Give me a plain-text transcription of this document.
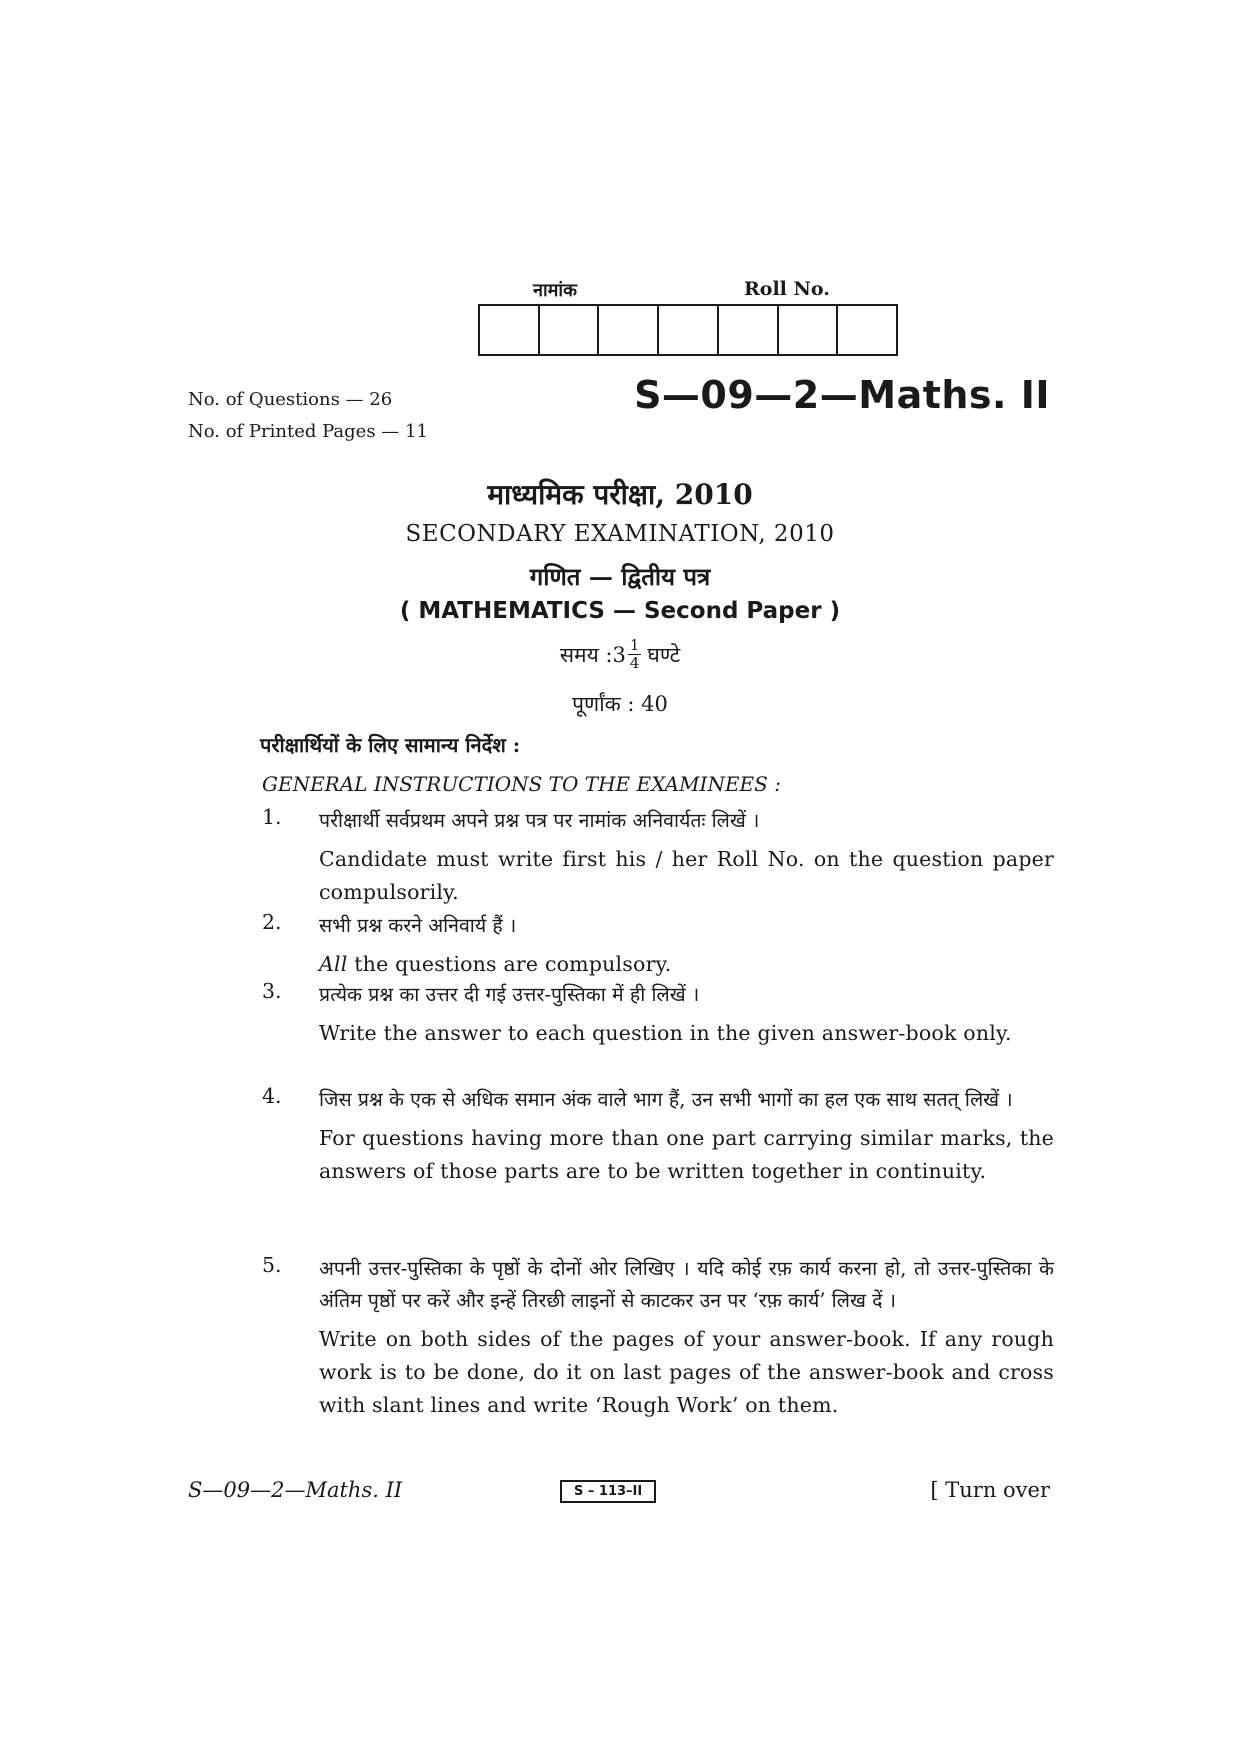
नामांक	Roll No.
No. of Questions — 26
No. of Printed Pages — 11
S—09—2—Maths. II
माध्यमिक परीक्षा, 2010
SECONDARY EXAMINATION, 2010
गणित — द्वितीय पत्र
( MATHEMATICS — Second Paper )
समय : $3 \frac{1}{4}$ घण्टे
पूर्णांक : 40
परीक्षार्थियों के लिए सामान्य निर्देश :
GENERAL INSTRUCTIONS TO THE EXAMINEES :
1.	परीक्षार्थी सर्वप्रथम अपने प्रश्न पत्र पर नामांक अनिवार्यतः लिखें ।
Candidate must write first his / her Roll No. on the question paper compulsorily.
2.	सभी प्रश्न करने अनिवार्य हैं ।
All the questions are compulsory.
3.	प्रत्येक प्रश्न का उत्तर दी गई उत्तर-पुस्तिका में ही लिखें ।
Write the answer to each question in the given answer-book only.
4.	जिस प्रश्न के एक से अधिक समान अंक वाले भाग हैं, उन सभी भागों का हल एक साथ सतत् लिखें ।
For questions having more than one part carrying similar marks, the answers of those parts are to be written together in continuity.
5.	अपनी उत्तर-पुस्तिका के पृष्ठों के दोनों ओर लिखिए । यदि कोई रफ़ कार्य करना हो, तो उत्तर-पुस्तिका के अंतिम पृष्ठों पर करें और इन्हें तिरछी लाइनों से काटकर उन पर ‘रफ़ कार्य’ लिख दें ।
Write on both sides of the pages of your answer-book. If any rough work is to be done, do it on last pages of the answer-book and cross with slant lines and write ‘Rough Work’ on them.
S—09—2—Maths. II	S – 113–II	[ Turn over
